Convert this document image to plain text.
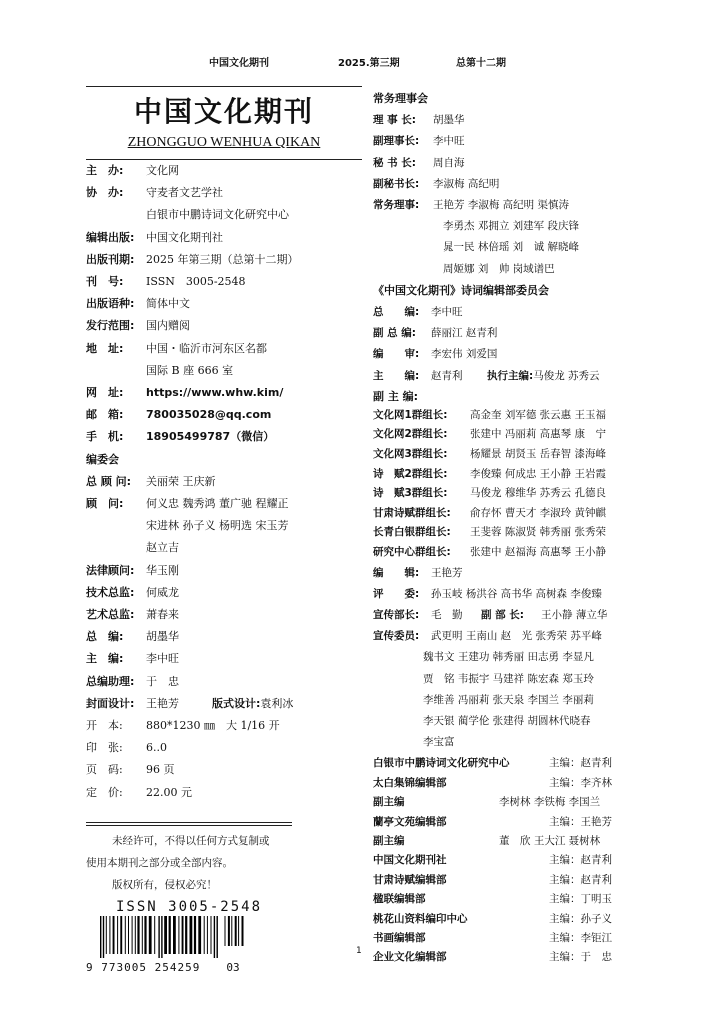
中国文化期刊	2025.第三期	总第十二期
中国文化期刊
ZHONGGUO WENHUA QIKAN
主　办:	文化网
协　办:	守麦者文艺学社
白银市中鹏诗词文化研究中心
编辑出版:	中国文化期刊社
出版刊期:	2025 年第三期（总第十二期）
刊　号:	ISSN　3005-2548
出版语种:	简体中文
发行范围:	国内赠阅
地　址:	中国・临沂市河东区名都
国际 B 座 666 室
网　址:	https://www.whw.kim/
邮　箱:	780035028@qq.com
手　机:	18905499787（微信）
编委会
总 顾 问:	关丽荣 王庆新
顾　问:	何义忠 魏秀鸿 董广驰 程耀正
宋进林 孙子义 杨明选 宋玉芳
赵立吉
法律顾问:	华玉刚
技术总监:	何威龙
艺术总监:	萧春来
总　编:	胡墨华
主　编:	李中旺
总编助理:	于　忠
封面设计:	王艳芳	版式设计: 袁利冰
开　本:	880*1230 ㎜　大 1/16 开
印　张:	6..0
页　码:	96 页
定　价:	22.00 元
未经许可，不得以任何方式复制或
使用本期刊之部分或全部内容。
版权所有，侵权必究！
ISSN 3005-2548
9 773005 254259 03
常务理事会
理 事 长:	胡墨华
副理事长:	李中旺
秘 书 长:	周自海
副秘书长:	李淑梅 高纪明
常务理事:	王艳芳 李淑梅 高纪明 渠慎涛
李勇杰 邓拥立 刘建军 段庆锋
晁一民 林倍瑶 刘　诚 解晓峰
周姬娜 刘　帅 岗域谱巴
《中国文化期刊》诗词编辑部委员会
总　　编:	李中旺
副 总 编:	薛丽江 赵青利
编　　审:	李宏伟 刘爱国
主　　编:	赵青利	执行主编: 马俊龙 苏秀云
副 主 编:
文化网1群组长:	高金奎 刘军德 张云惠 王玉福
文化网2群组长:	张建中 冯丽莉 高惠琴 康　宁
文化网3群组长:	杨耀景 胡贤玉 岳春智 漆海峰
诗　赋2群组长:	李俊臻 何成忠 王小静 王岩霞
诗　赋3群组长:	马俊龙 穆维华 苏秀云 孔德良
甘肃诗赋群组长:	俞存怀 曹天才 李淑玲 黄钟麒
长青白银群组长:	王斐蓉 陈淑贤 韩秀丽 张秀荣
研究中心群组长:	张建中 赵福海 高惠琴 王小静
编　　辑:	王艳芳
评　　委:	孙玉岐 杨洪谷 高书华 高树森 李俊臻
宣传部长:	毛　勤	副 部 长:	王小静 薄立华
宣传委员:	武更明 王南山 赵　光 张秀荣 苏平峰
魏书文 王建功 韩秀丽 田志勇 李显凡
贾　铭 韦振宇 马建祥 陈宏森 郑玉玲
李维善 冯丽莉 张天泉 李国兰 李丽莉
李天银 蔺学伦 张建得 胡圆林代晓春
李宝富
白银市中鹏诗词文化研究中心	主编：赵青利
太白集锦编辑部	主编：李齐林
副主编	李树林 李铁梅 李国兰
蘭亭文苑编辑部	主编：王艳芳
副主编	董　欣 王大江 聂树林
中国文化期刊社	主编：赵青利
甘肃诗赋编辑部	主编：赵青利
楹联编辑部	主编：丁明玉
桃花山资料编印中心	主编：孙子义
书画编辑部	主编：李钜江
企业文化编辑部	主编：于　忠
1
